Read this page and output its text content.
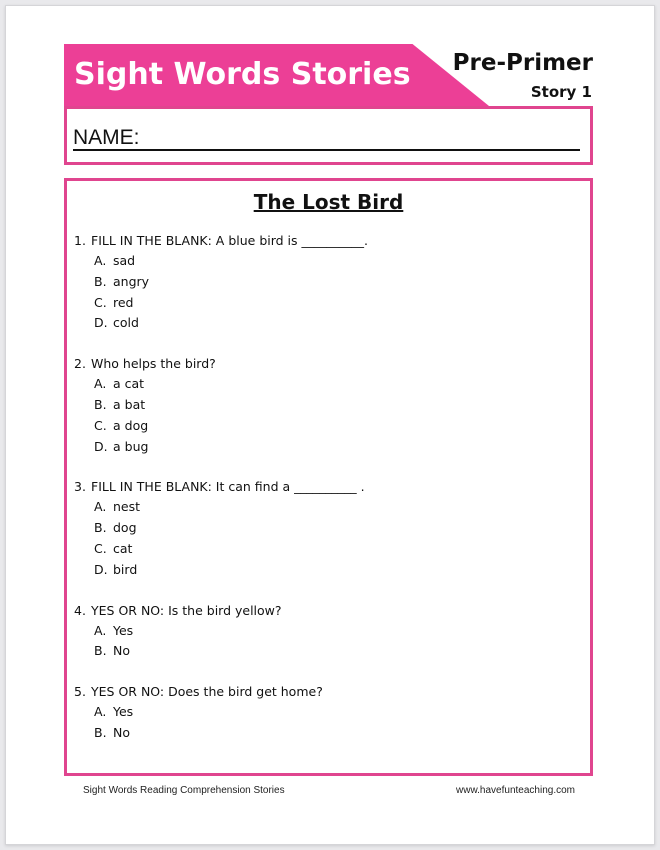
Sight Words Stories Pre-Primer
Story 1
NAME:
The Lost Bird
1. FILL IN THE BLANK: A blue bird is __________.
A. sad
B. angry
C. red
D. cold
2. Who helps the bird?
A. a cat
B. a bat
C. a dog
D. a bug
3. FILL IN THE BLANK: It can find a __________ .
A. nest
B. dog
C. cat
D. bird
4. YES OR NO: Is the bird yellow?
A. Yes
B. No
5. YES OR NO: Does the bird get home?
A. Yes
B. No
Sight Words Reading Comprehension Stories	www.havefunteaching.com
